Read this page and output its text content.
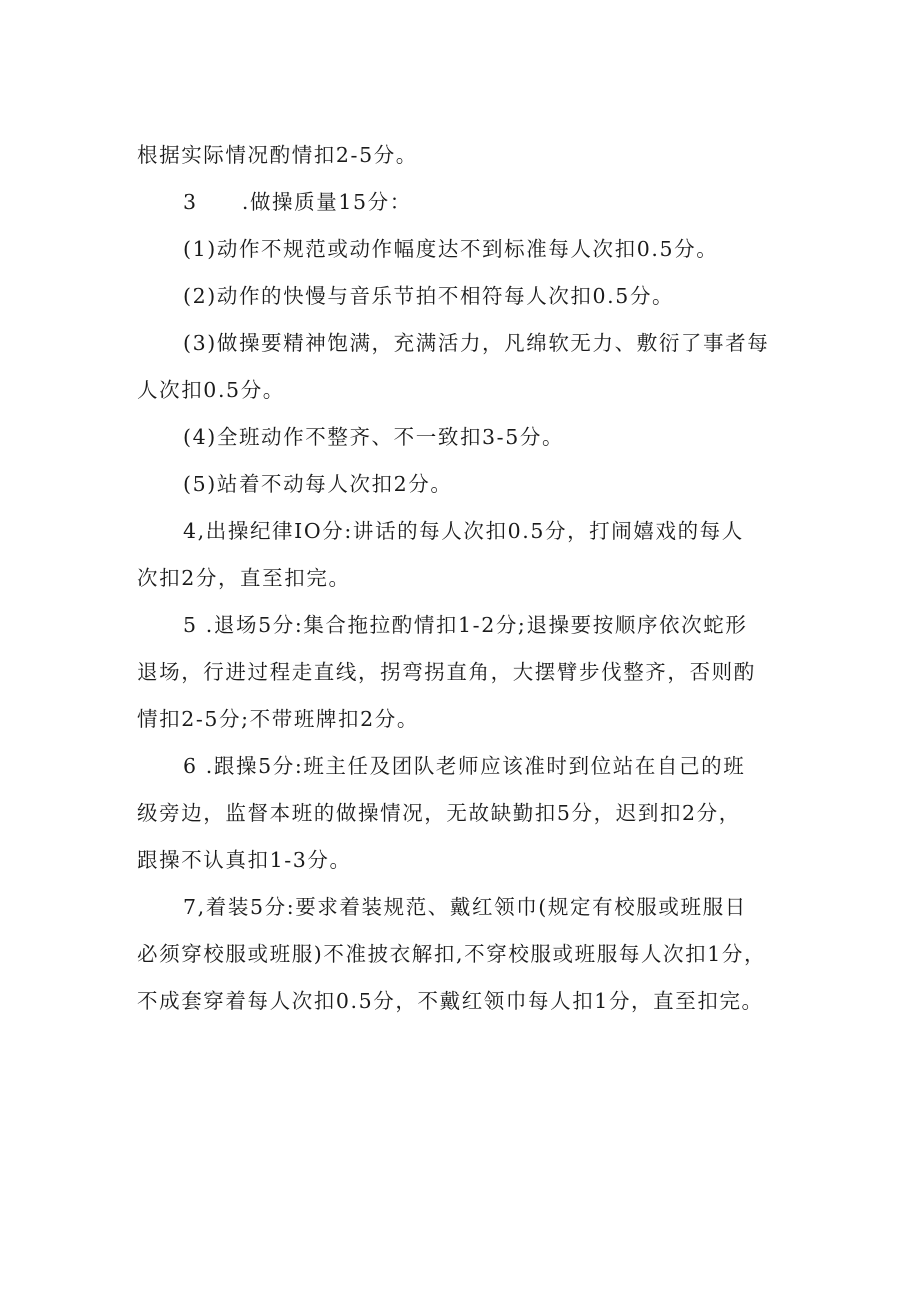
根据实际情况酌情扣2-5分。

3　　.做操质量15分：

(1)动作不规范或动作幅度达不到标准每人次扣0.5分。

(2)动作的快慢与音乐节拍不相符每人次扣0.5分。

(3)做操要精神饱满，充满活力，凡绵软无力、敷衍了事者每
人次扣0.5分。

(4)全班动作不整齐、不一致扣3-5分。

(5)站着不动每人次扣2分。

4,出操纪律IO分:讲话的每人次扣0.5分，打闹嬉戏的每人
次扣2分，直至扣完。

5 .退场5分:集合拖拉酌情扣1-2分;退操要按顺序依次蛇形
退场，行进过程走直线，拐弯拐直角，大摆臂步伐整齐，否则酌
情扣2-5分;不带班牌扣2分。

6 .跟操5分:班主任及团队老师应该准时到位站在自己的班
级旁边，监督本班的做操情况，无故缺勤扣5分，迟到扣2分，
跟操不认真扣1-3分。

7,着装5分:要求着装规范、戴红领巾(规定有校服或班服日
必须穿校服或班服)不准披衣解扣,不穿校服或班服每人次扣1分，
不成套穿着每人次扣0.5分，不戴红领巾每人扣1分，直至扣完。
